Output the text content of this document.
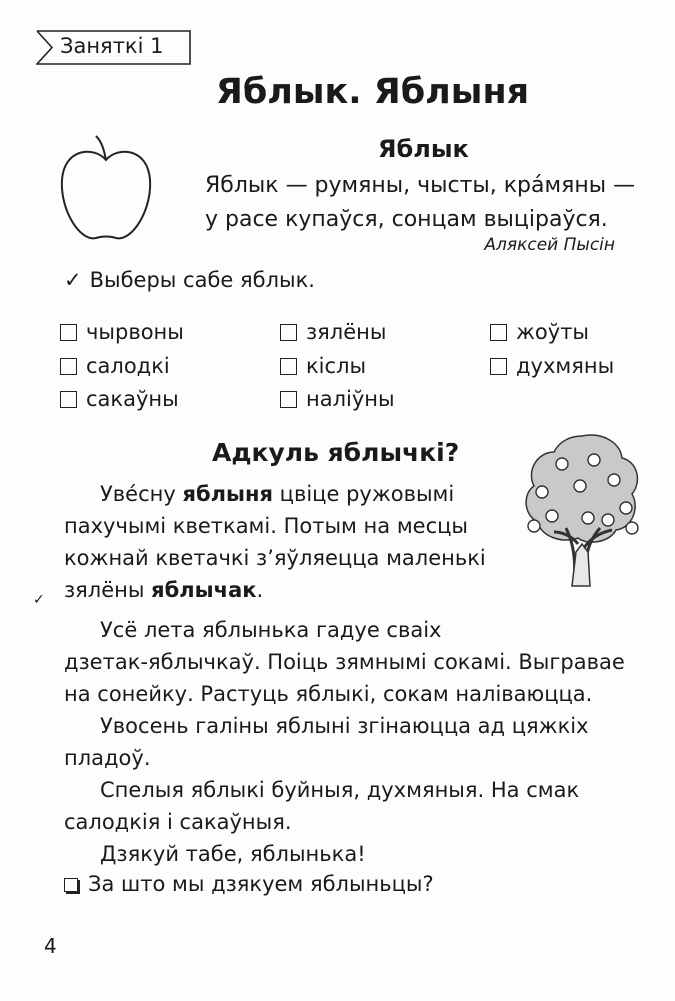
Заняткі 1
Яблык. Яблыня
Яблык
Яблык — румяны, чысты, кра́мяны —
у расе купаўся, сонцам выціраўся.
Аляксей Пысін
✓ Выберы сабе яблык.
чырвоны	зялёны	жоўты
салодкі	кіслы	духмяны
сакаўны	наліўны
Адкуль яблычкі?
Уве́сну яблыня цвіце ружовымі
пахучымі кветкамі. Потым на месцы
кожнай кветачкі з’яўляецца маленькі
зялёны яблычак.
✓
Усё лета яблынька гадуе сваіх
дзетак-яблычкаў. Поіць зямнымі сокамі. Выграваe
на сонейку. Растуць яблыкі, сокам наліваюцца.
Увосень галіны яблыні згінаюцца ад цяжкіх
пладоў.
Спелыя яблыкі буйныя, духмяныя. На смак
салодкія і сакаўныя.
Дзякуй табе, яблынька!
За што мы дзякуем яблыньцы?
4
